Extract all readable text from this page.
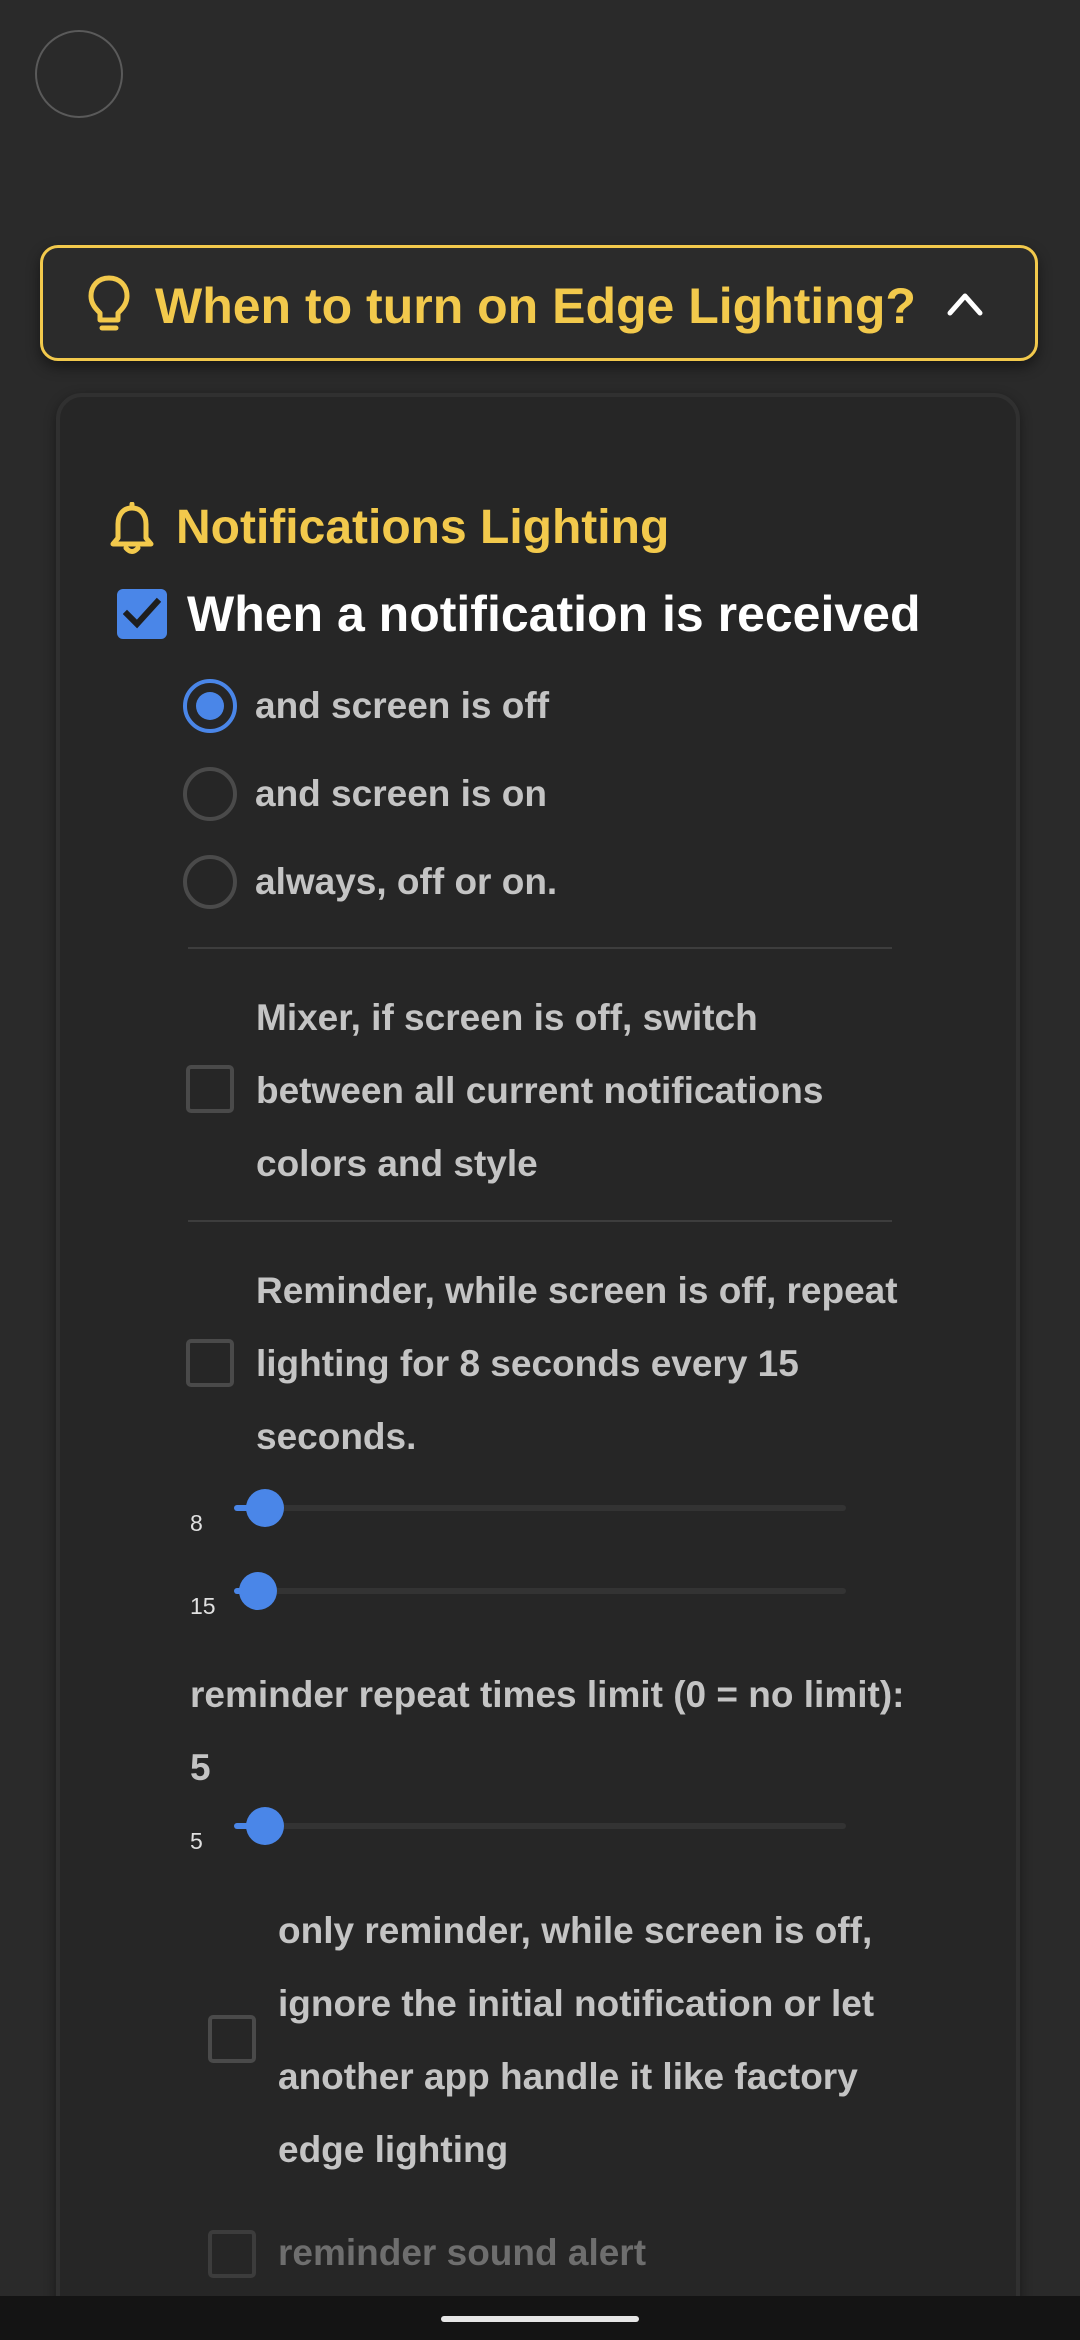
When to turn on Edge Lighting?
Notifications Lighting
When a notification is received
and screen is off
and screen is on
always, off or on.
Mixer, if screen is off, switch between all current notifications colors and style
Reminder, while screen is off, repeat lighting for 8 seconds every 15 seconds.
8
15
reminder repeat times limit (0 = no limit):
5
5
only reminder, while screen is off, ignore the initial notification or let another app handle it like factory edge lighting
reminder sound alert
